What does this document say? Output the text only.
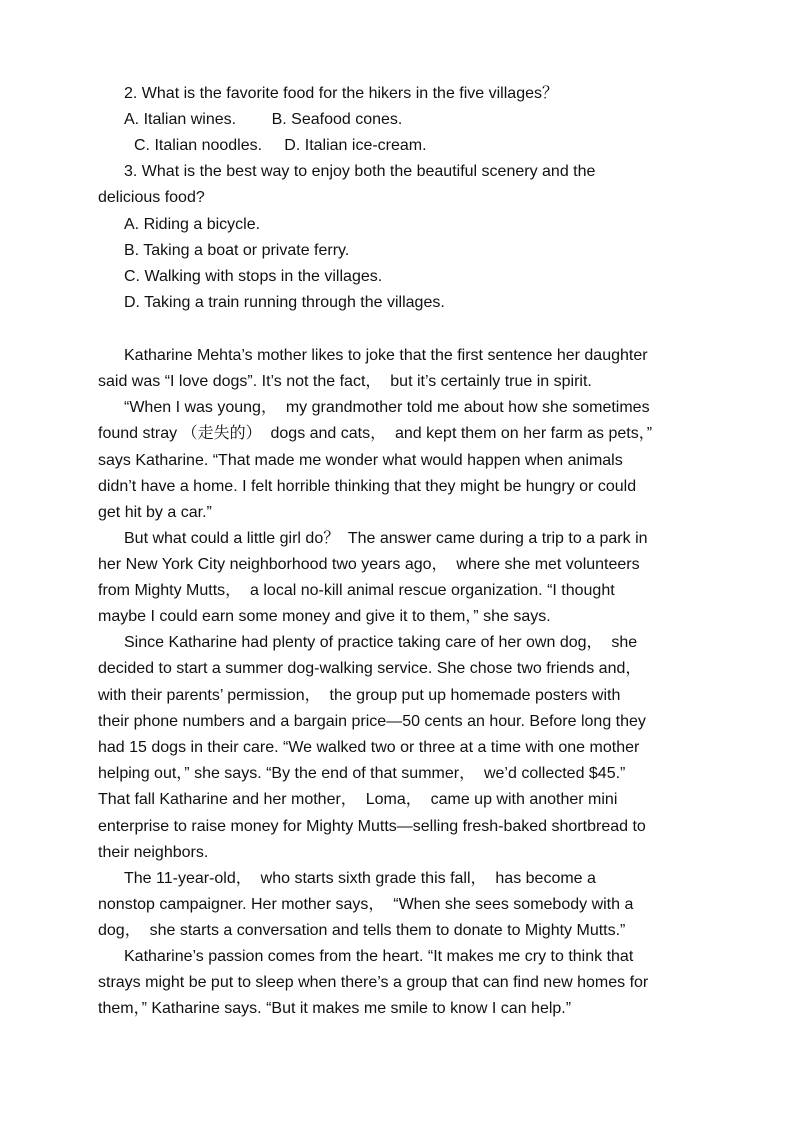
2. What is the favorite food for the hikers in the five villages？
A. Italian wines.        B. Seafood cones.
C. Italian noodles.     D. Italian ice-cream.
3. What is the best way to enjoy both the beautiful scenery and the
delicious food?
A. Riding a bicycle.
B. Taking a boat or private ferry.
C. Walking with stops in the villages.
D. Taking a train running through the villages.
Katharine Mehta’s mother likes to joke that the first sentence her daughter
said was “I love dogs”. It’s not the fact，  but it’s certainly true in spirit.
“When I was young，  my grandmother told me about how she sometimes
found stray （走失的）  dogs and cats，  and kept them on her farm as pets，”
says Katharine. “That made me wonder what would happen when animals
didn’t have a home. I felt horrible thinking that they might be hungry or could
get hit by a car.”
But what could a little girl do？  The answer came during a trip to a park in
her New York City neighborhood two years ago，  where she met volunteers
from Mighty Mutts，  a local no-kill animal rescue organization. “I thought
maybe I could earn some money and give it to them，” she says.
Since Katharine had plenty of practice taking care of her own dog，  she
decided to start a summer dog-walking service. She chose two friends and，
with their parents’ permission，  the group put up homemade posters with
their phone numbers and a bargain price—50 cents an hour. Before long they
had 15 dogs in their care. “We walked two or three at a time with one mother
helping out，” she says. “By the end of that summer，  we’d collected $45.”
That fall Katharine and her mother，  Loma，  came up with another mini
enterprise to raise money for Mighty Mutts—selling fresh-baked shortbread to
their neighbors.
The 11-year-old，  who starts sixth grade this fall，  has become a
nonstop campaigner. Her mother says，  “When she sees somebody with a
dog，  she starts a conversation and tells them to donate to Mighty Mutts.”
Katharine’s passion comes from the heart. “It makes me cry to think that
strays might be put to sleep when there’s a group that can find new homes for
them，” Katharine says. “But it makes me smile to know I can help.”
